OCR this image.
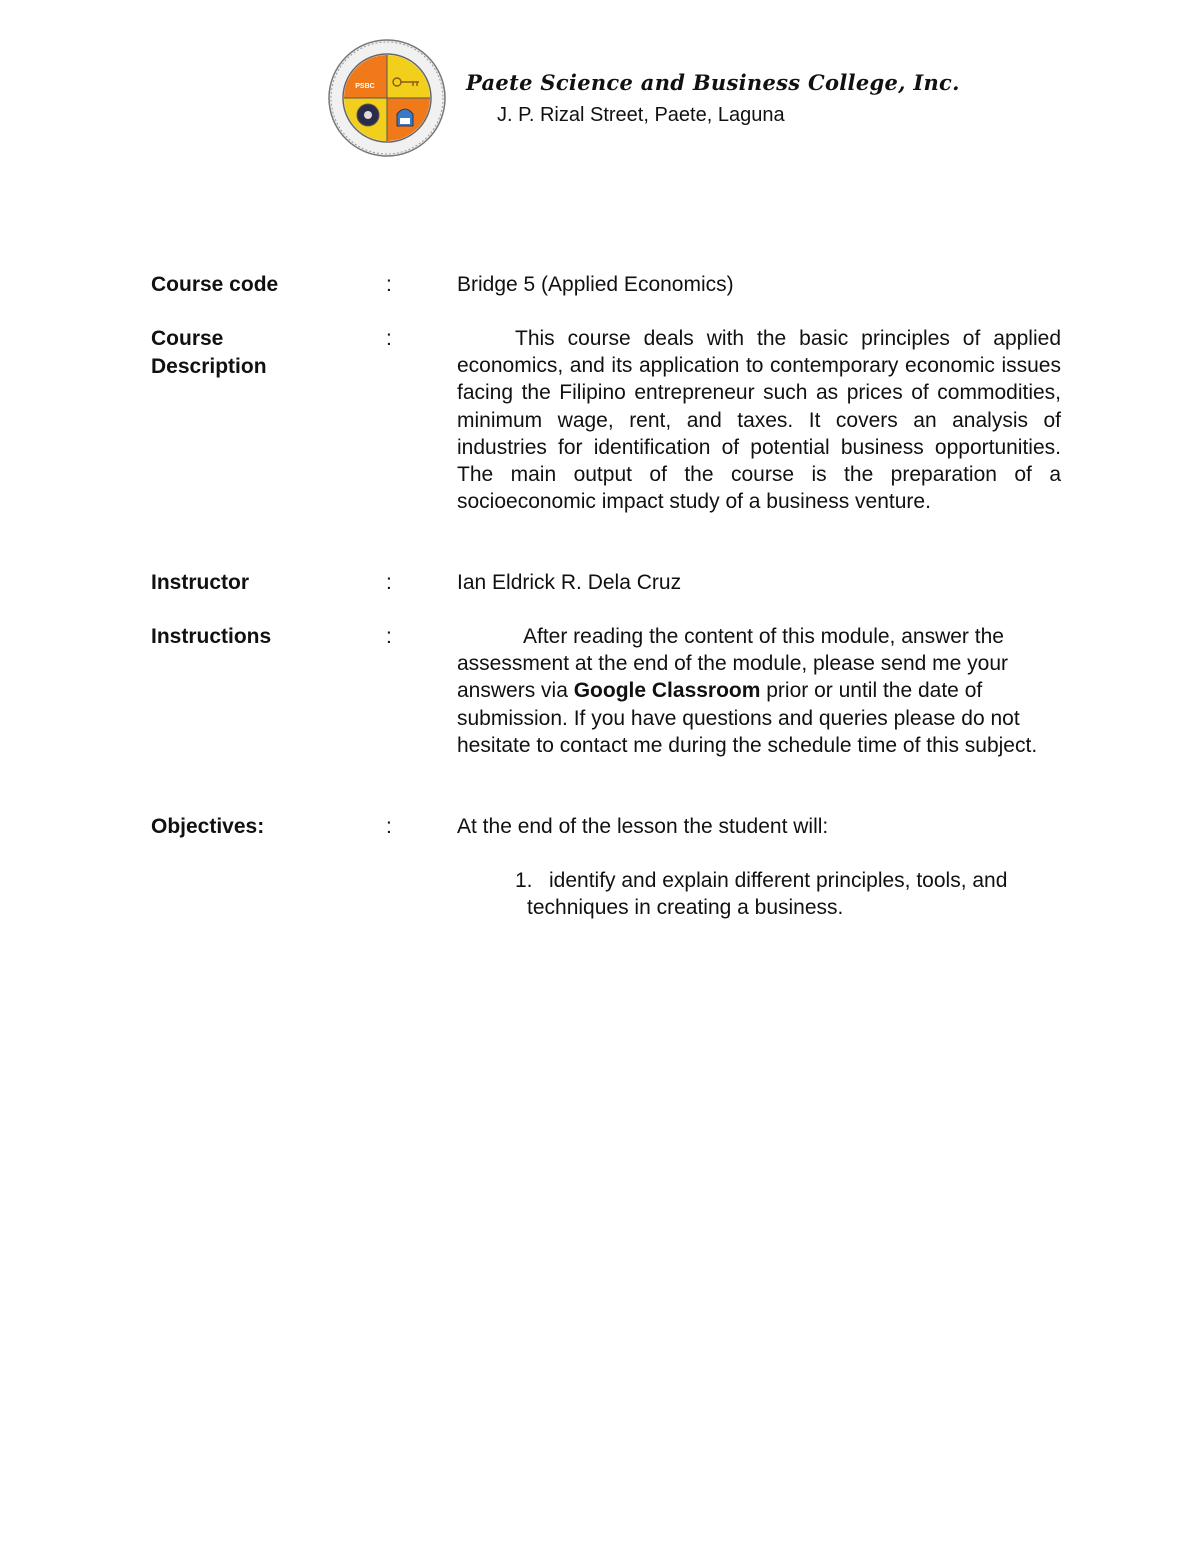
PSBC	Paete Science and Business College, Inc.
J. P. Rizal Street, Paete, Laguna
Course code	:	Bridge 5 (Applied Economics)
Course
Description
:	This course deals with the basic principles of applied economics, and its application to contemporary economic issues facing the Filipino entrepreneur such as prices of commodities, minimum wage, rent, and taxes. It covers an analysis of industries for identification of potential business opportunities. The main output of the course is the preparation of a socioeconomic impact study of a business venture.
Instructor	:	Ian Eldrick R. Dela Cruz
Instructions	:	After reading the content of this module, answer the assessment at the end of the module, please send me your answers via Google Classroom prior or until the date of submission. If you have questions and queries please do not hesitate to contact me during the schedule time of this subject.
Objectives:	:	At the end of the lesson the student will:
1. identify and explain different principles, tools, and
techniques in creating a business.
